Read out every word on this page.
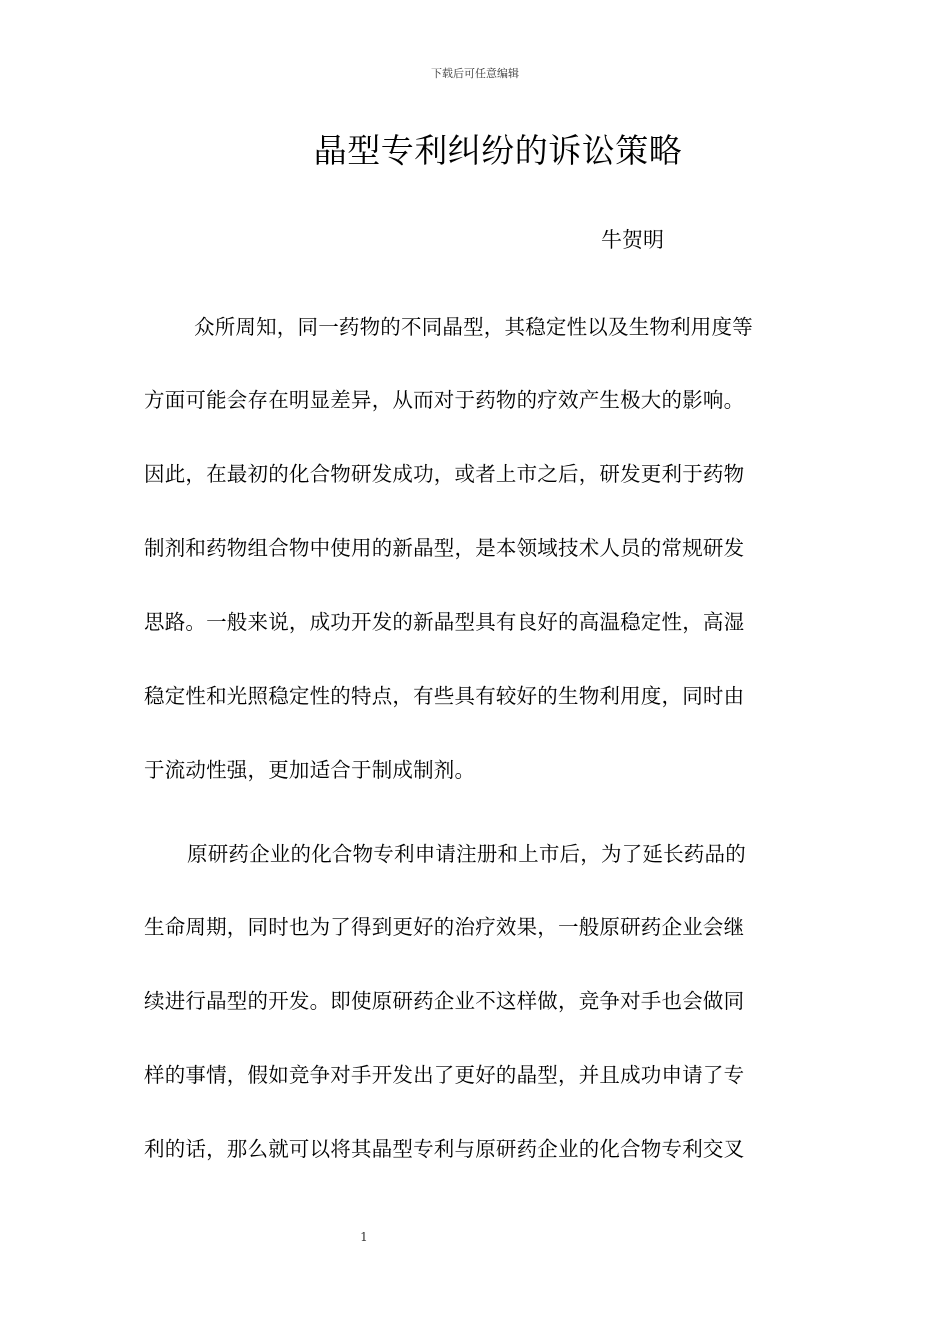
下载后可任意编辑
晶型专利纠纷的诉讼策略
牛贺明
众所周知，同一药物的不同晶型，其稳定性以及生物利用度等
方面可能会存在明显差异，从而对于药物的疗效产生极大的影响。
因此，在最初的化合物研发成功，或者上市之后，研发更利于药物
制剂和药物组合物中使用的新晶型，是本领域技术人员的常规研发
思路。一般来说，成功开发的新晶型具有良好的高温稳定性，高湿
稳定性和光照稳定性的特点，有些具有较好的生物利用度，同时由
于流动性强，更加适合于制成制剂。
原研药企业的化合物专利申请注册和上市后，为了延长药品的
生命周期，同时也为了得到更好的治疗效果，一般原研药企业会继
续进行晶型的开发。即使原研药企业不这样做，竞争对手也会做同
样的事情，假如竞争对手开发出了更好的晶型，并且成功申请了专
利的话，那么就可以将其晶型专利与原研药企业的化合物专利交叉
1
